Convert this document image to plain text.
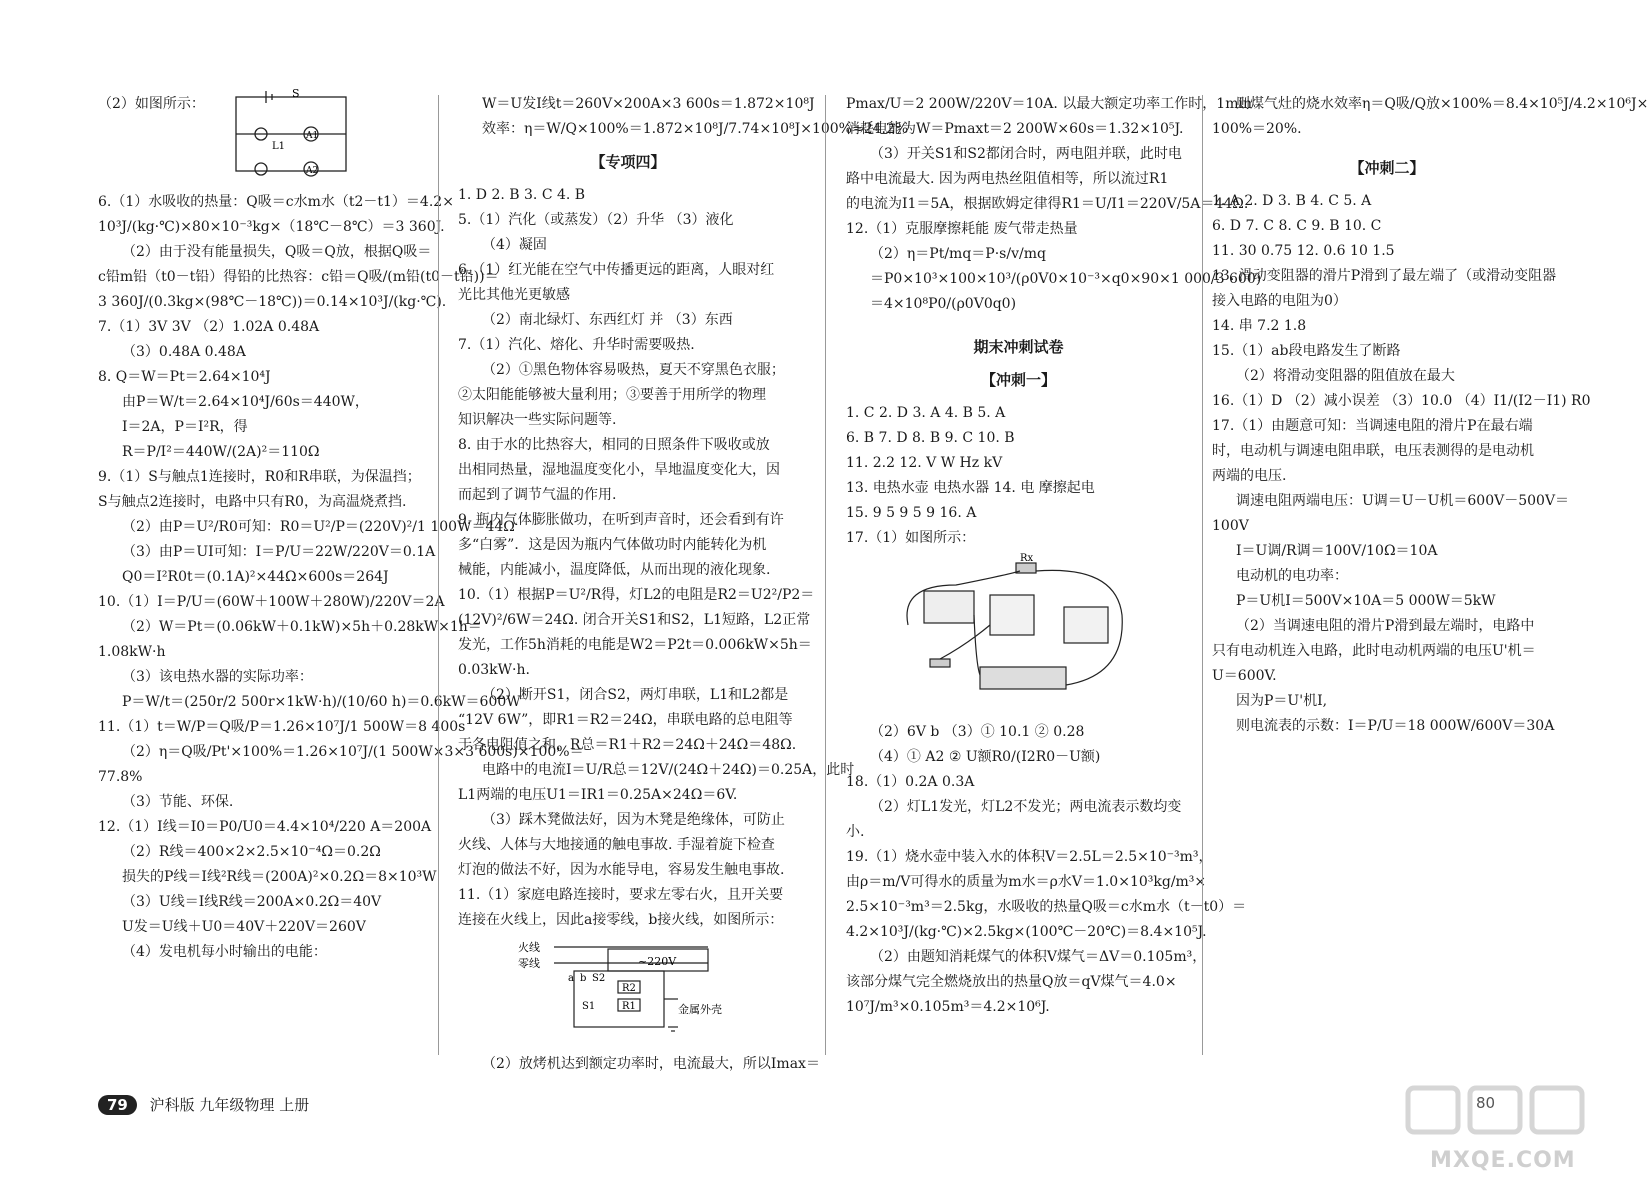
（2）如图所示：
S
L1
A1
A2
6.（1）水吸收的热量：Q吸＝c水m水（t2－t1）＝4.2×
10³J/(kg·℃)×80×10⁻³kg×（18℃－8℃）＝3 360J.
（2）由于没有能量损失，Q吸＝Q放，根据Q吸＝
c铅m铅（t0－t铅）得铅的比热容：c铅＝Q吸/(m铅(t0－t铅))＝
3 360J/(0.3kg×(98℃－18℃))＝0.14×10³J/(kg·℃).
7.（1）3V 3V （2）1.02A 0.48A
（3）0.48A 0.48A
8. Q＝W＝Pt＝2.64×10⁴J
由P＝W/t＝2.64×10⁴J/60s＝440W，
I＝2A，P＝I²R，得
R＝P/I²＝440W/(2A)²＝110Ω
9.（1）S与触点1连接时，R0和R串联，为保温挡；
S与触点2连接时，电路中只有R0，为高温烧煮挡.
（2）由P＝U²/R0可知：R0＝U²/P＝(220V)²/1 100W＝44Ω
（3）由P＝UI可知：I＝P/U＝22W/220V＝0.1A
Q0＝I²R0t＝(0.1A)²×44Ω×600s＝264J
10.（1）I＝P/U＝(60W＋100W＋280W)/220V＝2A
（2）W＝Pt＝(0.06kW＋0.1kW)×5h＋0.28kW×1h＝
1.08kW·h
（3）该电热水器的实际功率：
P＝W/t＝(250r/2 500r×1kW·h)/(10/60 h)＝0.6kW＝600W
11.（1）t＝W/P＝Q吸/P＝1.26×10⁷J/1 500W＝8 400s
（2）η＝Q吸/Pt'×100%＝1.26×10⁷J/(1 500W×3×3 600s)×100%＝
77.8%
（3）节能、环保.
12.（1）I线＝I0＝P0/U0＝4.4×10⁴/220 A＝200A
（2）R线＝400×2×2.5×10⁻⁴Ω＝0.2Ω
损失的P线＝I线²R线＝(200A)²×0.2Ω＝8×10³W
（3）U线＝I线R线＝200A×0.2Ω＝40V
U发＝U线＋U0＝40V＋220V＝260V
（4）发电机每小时输出的电能：
W＝U发I线t＝260V×200A×3 600s＝1.872×10⁸J
效率：η＝W/Q×100%＝1.872×10⁸J/7.74×10⁸J×100%≈24.2%
【专项四】
1. D 2. B 3. C 4. B
5.（1）汽化（或蒸发）（2）升华 （3）液化
（4）凝固
6.（1）红光能在空气中传播更远的距离，人眼对红
光比其他光更敏感
（2）南北绿灯、东西红灯 并 （3）东西
7.（1）汽化、熔化、升华时需要吸热.
（2）①黑色物体容易吸热，夏天不穿黑色衣服；
②太阳能能够被大量利用；③要善于用所学的物理
知识解决一些实际问题等.
8. 由于水的比热容大，相同的日照条件下吸收或放
出相同热量，湿地温度变化小，旱地温度变化大，因
而起到了调节气温的作用.
9. 瓶内气体膨胀做功，在听到声音时，还会看到有许
多“白雾”．这是因为瓶内气体做功时内能转化为机
械能，内能减小，温度降低，从而出现的液化现象.
10.（1）根据P＝U²/R得，灯L2的电阻是R2＝U2²/P2＝
(12V)²/6W＝24Ω. 闭合开关S1和S2，L1短路，L2正常
发光，工作5h消耗的电能是W2＝P2t＝0.006kW×5h＝
0.03kW·h.
（2）断开S1，闭合S2，两灯串联，L1和L2都是
“12V 6W”，即R1＝R2＝24Ω，串联电路的总电阻等
于各电阻值之和，R总＝R1＋R2＝24Ω＋24Ω＝48Ω.
电路中的电流I＝U/R总＝12V/(24Ω＋24Ω)＝0.25A，此时
L1两端的电压U1＝IR1＝0.25A×24Ω＝6V.
（3）踩木凳做法好，因为木凳是绝缘体，可防止
火线、人体与大地接通的触电事故. 手湿着旋下检查
灯泡的做法不好，因为水能导电，容易发生触电事故.
11.（1）家庭电路连接时，要求左零右火，且开关要
连接在火线上，因此a接零线，b接火线，如图所示：
火线
零线	~220V
a b S2
S1
R2
R1	金属外壳
（2）放烤机达到额定功率时，电流最大，所以Imax＝
Pmax/U＝2 200W/220V＝10A. 以最大额定功率工作时，1min
消耗电能为W＝Pmaxt＝2 200W×60s＝1.32×10⁵J.
（3）开关S1和S2都闭合时，两电阻并联，此时电
路中电流最大. 因为两电热丝阻值相等，所以流过R1
的电流为I1＝5A，根据欧姆定律得R1＝U/I1＝220V/5A＝44Ω.
12.（1）克服摩擦耗能 废气带走热量
（2）η＝Pt/mq＝P·s/v/mq
＝P0×10³×100×10³/(ρ0V0×10⁻³×q0×90×1 000/3 600)
＝4×10⁸P0/(ρ0V0q0)
期末冲刺试卷
【冲刺一】
1. C 2. D 3. A 4. B 5. A
6. B 7. D 8. B 9. C 10. B
11. 2.2 12. V W Hz kV
13. 电热水壶 电热水器 14. 电 摩擦起电
15. 9 5 9 5 9 16. A
17.（1）如图所示：
Rx
（2）6V b （3）① 10.1 ② 0.28
（4）① A2 ② U额R0/(I2R0－U额)
18.（1）0.2A 0.3A
（2）灯L1发光，灯L2不发光；两电流表示数均变
小.
19.（1）烧水壶中装入水的体积V＝2.5L＝2.5×10⁻³m³，
由ρ＝m/V可得水的质量为m水＝ρ水V＝1.0×10³kg/m³×
2.5×10⁻³m³＝2.5kg，水吸收的热量Q吸＝c水m水（t－t0）＝
4.2×10³J/(kg·℃)×2.5kg×(100℃－20℃)＝8.4×10⁵J.
（2）由题知消耗煤气的体积V煤气＝ΔV＝0.105m³，
该部分煤气完全燃烧放出的热量Q放＝qV煤气＝4.0×
10⁷J/m³×0.105m³＝4.2×10⁶J.
则煤气灶的烧水效率η＝Q吸/Q放×100%＝8.4×10⁵J/4.2×10⁶J×
100%＝20%.
【冲刺二】
1. A 2. D 3. B 4. C 5. A
6. D 7. C 8. C 9. B 10. C
11. 30 0.75 12. 0.6 10 1.5
13. 滑动变阻器的滑片P滑到了最左端了（或滑动变阻器
接入电路的电阻为0）
14. 串 7.2 1.8
15.（1）ab段电路发生了断路
（2）将滑动变阻器的阻值放在最大
16.（1）D （2）减小误差 （3）10.0 （4）I1/(I2－I1) R0
17.（1）由题意可知：当调速电阻的滑片P在最右端
时，电动机与调速电阻串联，电压表测得的是电动机
两端的电压.
调速电阻两端电压：U调＝U－U机＝600V－500V＝
100V
I＝U调/R调＝100V/10Ω＝10A
电动机的电功率：
P＝U机I＝500V×10A＝5 000W＝5kW
（2）当调速电阻的滑片P滑到最左端时，电路中
只有电动机连入电路，此时电动机两端的电压U'机＝
U＝600V.
因为P＝U'机I,
则电流表的示数：I＝P/U＝18 000W/600V＝30A
79 沪科版 九年级物理 上册	80
MXQE.COM
